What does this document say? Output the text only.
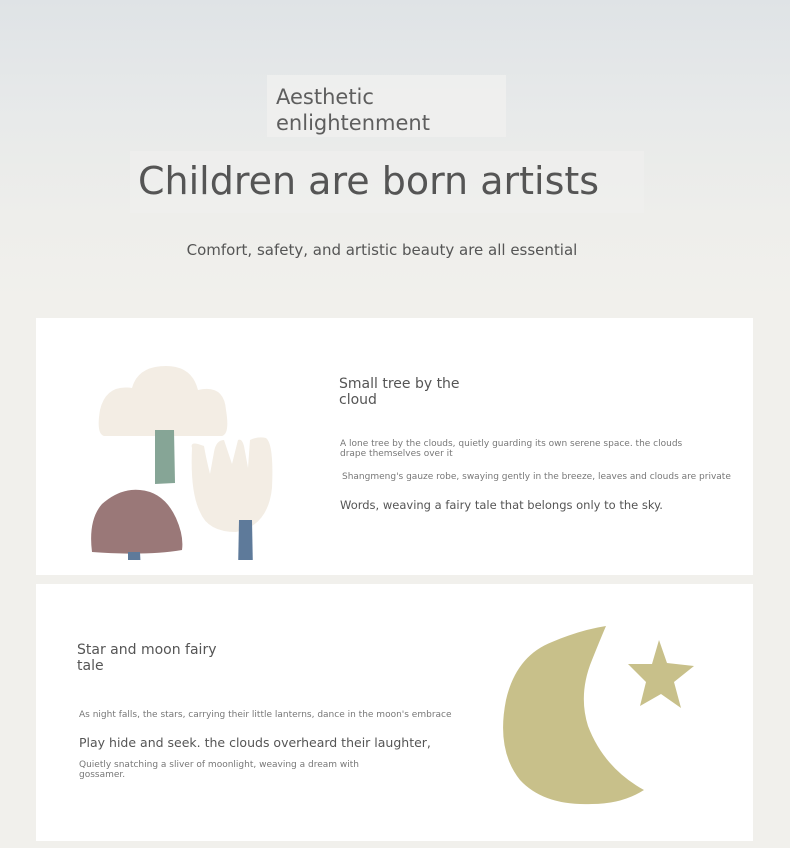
Aesthetic
enlightenment
Children are born artists
Comfort, safety, and artistic beauty are all essential
Small tree by the
cloud
A lone tree by the clouds, quietly guarding its own serene space. the clouds drape themselves over it
Shangmeng's gauze robe, swaying gently in the breeze, leaves and clouds are private
Words, weaving a fairy tale that belongs only to the sky.
Star and moon fairy
tale
As night falls, the stars, carrying their little lanterns, dance in the moon's embrace
Play hide and seek. the clouds overheard their laughter,
Quietly snatching a sliver of moonlight, weaving a dream with gossamer.
